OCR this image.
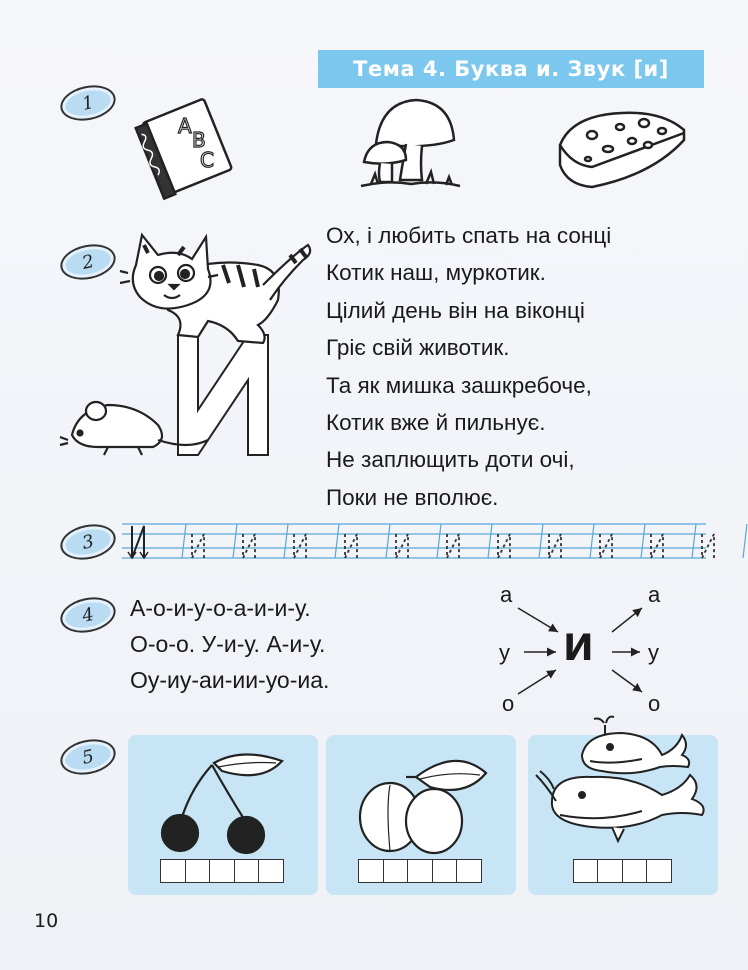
Тема 4. Буква и. Звук [и]
1
2
3
4
5
A
B
C
Ох, і любить спать на сонці
Котик наш, муркотик.
Цілий день він на віконці
Гріє свій животик.
Та як мишка зашкребоче,
Котик вже й пильнує.
Не заплющить доти очі,
Поки не вполює.
А-о-и-у-о-а-и-и-у.
О-о-о. У-и-у. А-и-у.
Оу-иу-аи-ии-уо-иа.
и
а
у
о
а
у
о
10
